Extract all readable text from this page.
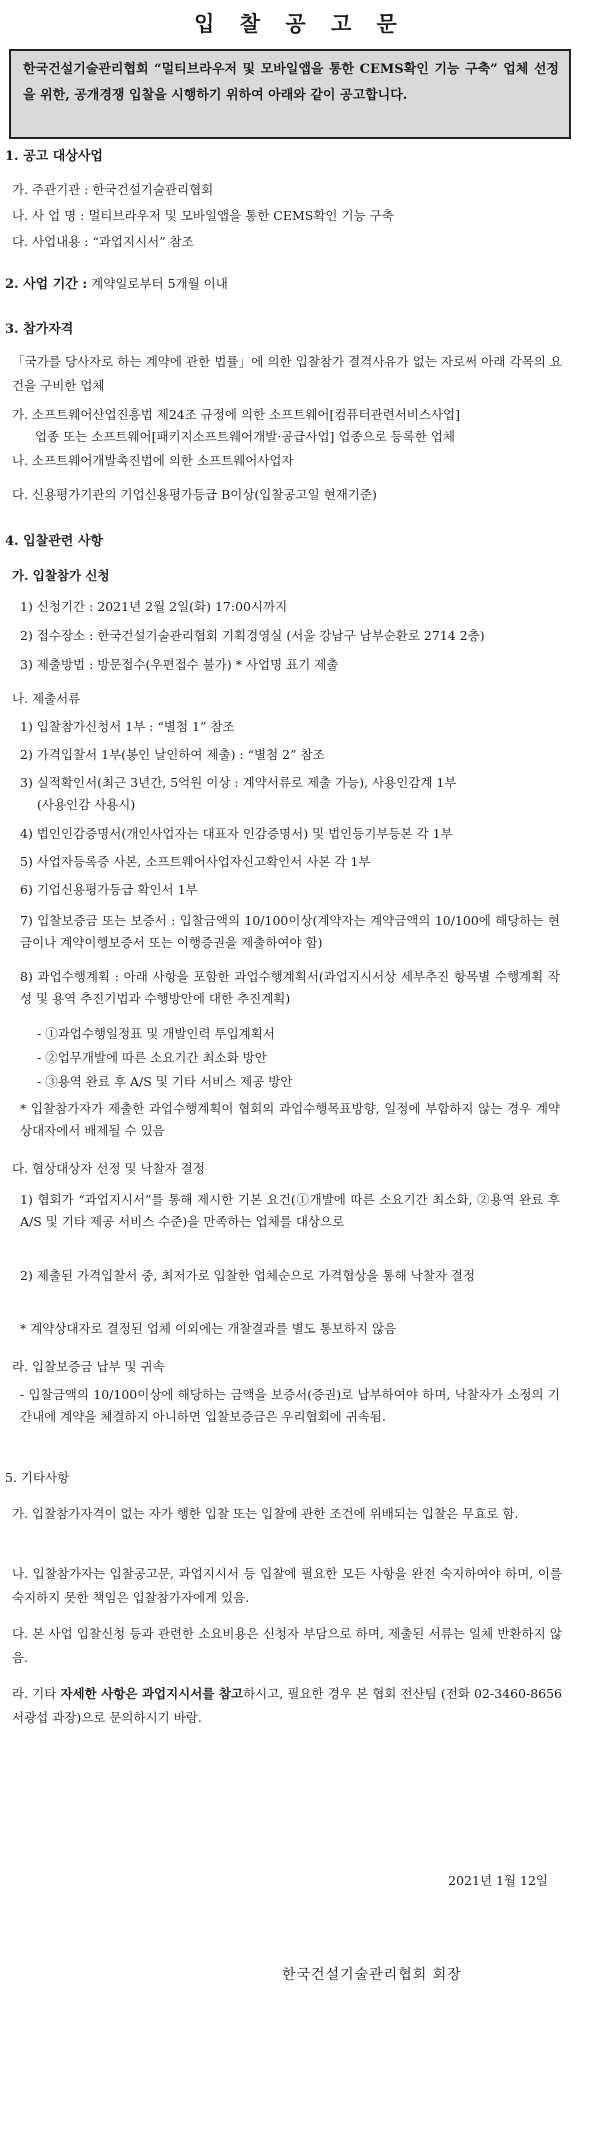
입 찰 공 고 문
한국건설기술관리협회 “멀티브라우저 및 모바일앱을 통한 CEMS확인 기능 구축” 업체 선정을 위한, 공개경쟁 입찰을 시행하기 위하여 아래와 같이 공고합니다.
1. 공고 대상사업
가. 주관기관 : 한국건설기술관리협회
나. 사 업 명 : 멀티브라우저 및 모바일앱을 통한 CEMS확인 기능 구축
다. 사업내용 : “과업지시서” 참조
2. 사업 기간 : 계약일로부터 5개월 이내
3. 참가자격
「국가를 당사자로 하는 계약에 관한 법률」에 의한 입찰참가 결격사유가 없는 자로써 아래 각목의 요건을 구비한 업체
가. 소프트웨어산업진흥법 제24조 규정에 의한 소프트웨어[컴퓨터관련서비스사업]
업종 또는 소프트웨어[패키지소프트웨어개발·공급사업] 업종으로 등록한 업체
나. 소프트웨어개발촉진법에 의한 소프트웨어사업자
다. 신용평가기관의 기업신용평가등급 B이상(입찰공고일 현재기준)
4. 입찰관련 사항
가. 입찰참가 신청
1) 신청기간 : 2021년 2월 2일(화) 17:00시까지
2) 접수장소 : 한국건설기술관리협회 기획경영실 (서울 강남구 남부순환로 2714 2층)
3) 제출방법 : 방문접수(우편접수 불가) * 사업명 표기 제출
나. 제출서류
1) 입찰참가신청서 1부 : “별첨 1” 참조
2) 가격입찰서 1부(봉인 날인하여 제출) : “별첨 2” 참조
3) 실적확인서(최근 3년간, 5억원 이상 : 계약서류로 제출 가능), 사용인감계 1부
(사용인감 사용시)
4) 법인인감증명서(개인사업자는 대표자 인감증명서) 및 법인등기부등본 각 1부
5) 사업자등록증 사본, 소프트웨어사업자신고확인서 사본 각 1부
6) 기업신용평가등급 확인서 1부
7) 입찰보증금 또는 보증서 : 입찰금액의 10/100이상(계약자는 계약금액의 10/100에 해당하는 현금이나 계약이행보증서 또는 이행증권을 제출하여야 함)
8) 과업수행계획 : 아래 사항을 포함한 과업수행계획서(과업지시서상 세부추진 항목별 수행계획 작성 및 용역 추진기법과 수행방안에 대한 추진계획)
- ①과업수행일정표 및 개발인력 투입계획서
- ②업무개발에 따른 소요기간 최소화 방안
- ③용역 완료 후 A/S 및 기타 서비스 제공 방안
* 입찰참가자가 제출한 과업수행계획이 협회의 과업수행목표방향, 일정에 부합하지 않는 경우 계약상대자에서 배제될 수 있음
다. 협상대상자 선정 및 낙찰자 결정
1) 협회가 “과업지시서”를 통해 제시한 기본 요건(①개발에 따른 소요기간 최소화, ②용역 완료 후 A/S 및 기타 제공 서비스 수준)을 만족하는 업체를 대상으로
2) 제출된 가격입찰서 중, 최저가로 입찰한 업체순으로 가격협상을 통해 낙찰자 결정
* 계약상대자로 결정된 업체 이외에는 개찰결과를 별도 통보하지 않음
라. 입찰보증금 납부 및 귀속
- 입찰금액의 10/100이상에 해당하는 금액을 보증서(증권)로 납부하여야 하며, 낙찰자가 소정의 기간내에 계약을 체결하지 아니하면 입찰보증금은 우리협회에 귀속됨.
5. 기타사항
가. 입찰참가자격이 없는 자가 행한 입찰 또는 입찰에 관한 조건에 위배되는 입찰은 무효로 함.
나. 입찰참가자는 입찰공고문, 과업지시서 등 입찰에 필요한 모든 사항을 완전 숙지하여야 하며, 이를 숙지하지 못한 책임은 입찰참가자에게 있음.
다. 본 사업 입찰신청 등과 관련한 소요비용은 신청자 부담으로 하며, 제출된 서류는 일체 반환하지 않음.
라. 기타 자세한 사항은 과업지시서를 참고하시고, 필요한 경우 본 협회 전산팀 (전화 02-3460-8656 서광섭 과장)으로 문의하시기 바람.
2021년 1월 12일
한국건설기술관리협회 회장
